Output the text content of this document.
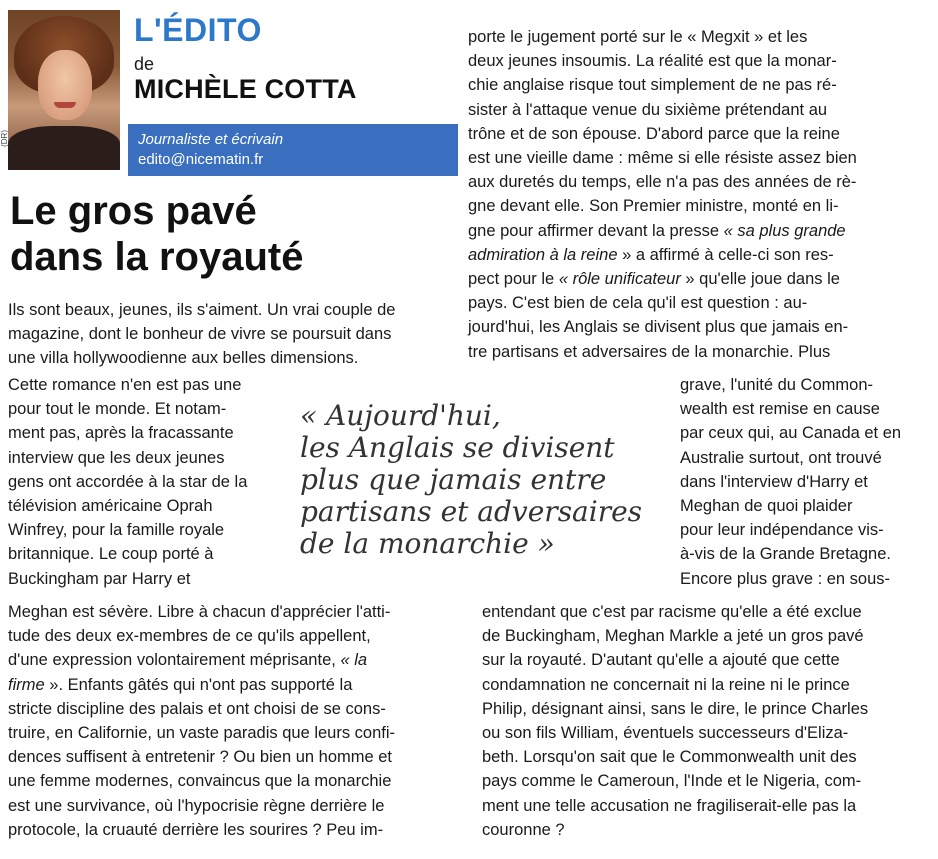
(DR)
L'ÉDITO
de
MICHÈLE COTTA
Journaliste et écrivain
edito@nicematin.fr
Le gros pavé
dans la royauté
Ils sont beaux, jeunes, ils s'aiment. Un vrai couple de
magazine, dont le bonheur de vivre se poursuit dans
une villa hollywoodienne aux belles dimensions.
Cette romance n'en est pas une
pour tout le monde. Et notam-
ment pas, après la fracassante
interview que les deux jeunes
gens ont accordée à la star de la
télévision américaine Oprah
Winfrey, pour la famille royale
britannique. Le coup porté à
Buckingham par Harry et
Meghan est sévère. Libre à chacun d'apprécier l'atti-
tude des deux ex-membres de ce qu'ils appellent,
d'une expression volontairement méprisante, « la
firme ». Enfants gâtés qui n'ont pas supporté la
stricte discipline des palais et ont choisi de se cons-
truire, en Californie, un vaste paradis que leurs confi-
dences suffisent à entretenir ? Ou bien un homme et
une femme modernes, convaincus que la monarchie
est une survivance, où l'hypocrisie règne derrière le
protocole, la cruauté derrière les sourires ? Peu im-
porte le jugement porté sur le « Megxit » et les
deux jeunes insoumis. La réalité est que la monar-
chie anglaise risque tout simplement de ne pas ré-
sister à l'attaque venue du sixième prétendant au
trône et de son épouse. D'abord parce que la reine
est une vieille dame : même si elle résiste assez bien
aux duretés du temps, elle n'a pas des années de rè-
gne devant elle. Son Premier ministre, monté en li-
gne pour affirmer devant la presse « sa plus grande
admiration à la reine » a affirmé à celle-ci son res-
pect pour le « rôle unificateur » qu'elle joue dans le
pays. C'est bien de cela qu'il est question : au-
jourd'hui, les Anglais se divisent plus que jamais en-
tre partisans et adversaires de la monarchie. Plus
grave, l'unité du Common-
wealth est remise en cause
par ceux qui, au Canada et en
Australie surtout, ont trouvé
dans l'interview d'Harry et
Meghan de quoi plaider
pour leur indépendance vis-
à-vis de la Grande Bretagne.
Encore plus grave : en sous-
entendant que c'est par racisme qu'elle a été exclue
de Buckingham, Meghan Markle a jeté un gros pavé
sur la royauté. D'autant qu'elle a ajouté que cette
condamnation ne concernait ni la reine ni le prince
Philip, désignant ainsi, sans le dire, le prince Charles
ou son fils William, éventuels successeurs d'Eliza-
beth. Lorsqu'on sait que le Commonwealth unit des
pays comme le Cameroun, l'Inde et le Nigeria, com-
ment une telle accusation ne fragiliserait-elle pas la
couronne ?
« Aujourd'hui,
les Anglais se divisent
plus que jamais entre
partisans et adversaires
de la monarchie »
